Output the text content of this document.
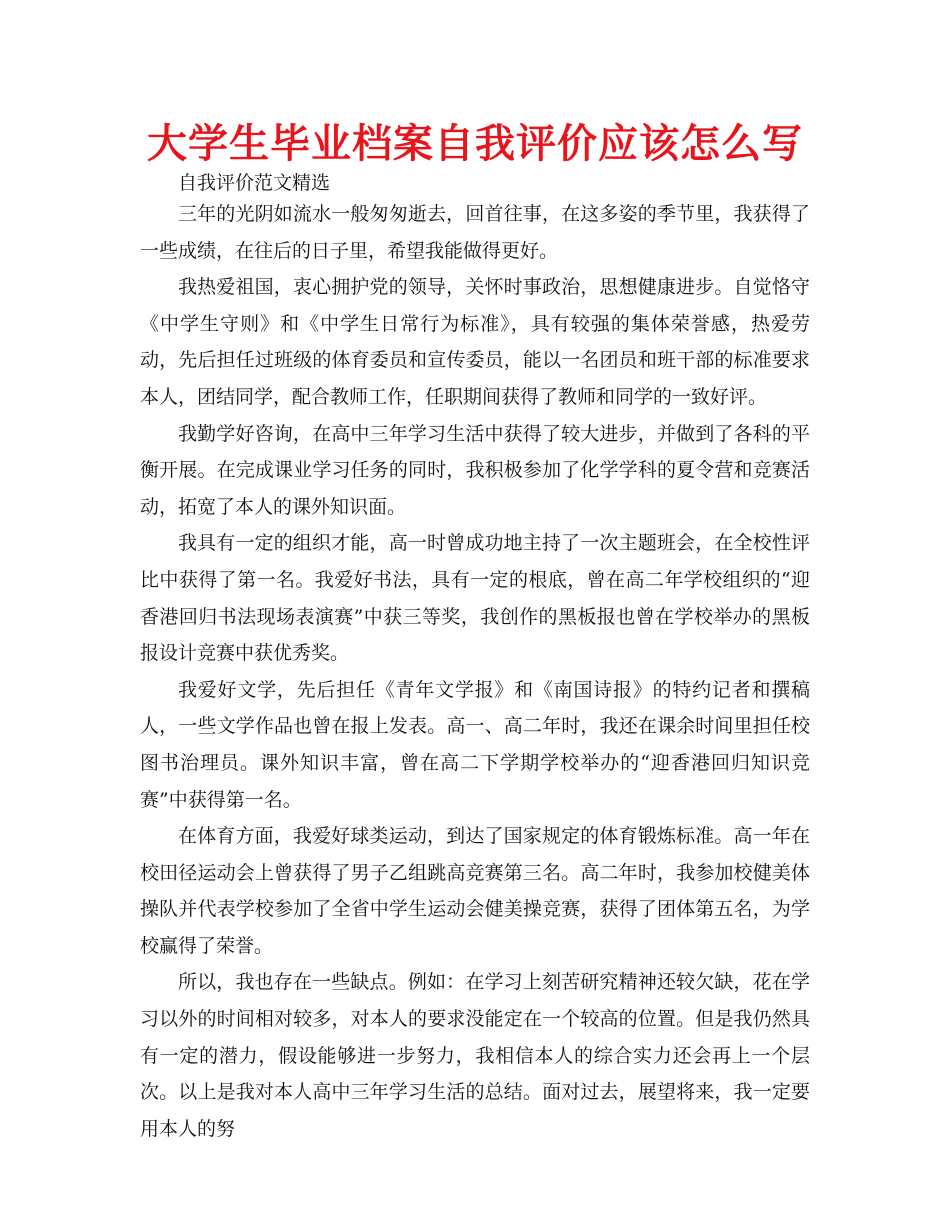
大学生毕业档案自我评价应该怎么写
自我评价范文精选

三年的光阴如流水一般匆匆逝去，回首往事，在这多姿的季节里，我获得了一些成绩，在往后的日子里，希望我能做得更好。

我热爱祖国，衷心拥护党的领导，关怀时事政治，思想健康进步。自觉恪守《中学生守则》和《中学生日常行为标准》，具有较强的集体荣誉感，热爱劳动，先后担任过班级的体育委员和宣传委员，能以一名团员和班干部的标准要求本人，团结同学，配合教师工作，任职期间获得了教师和同学的一致好评。

我勤学好咨询，在高中三年学习生活中获得了较大进步，并做到了各科的平衡开展。在完成课业学习任务的同时，我积极参加了化学学科的夏令营和竞赛活动，拓宽了本人的课外知识面。

我具有一定的组织才能，高一时曾成功地主持了一次主题班会，在全校性评比中获得了第一名。我爱好书法，具有一定的根底，曾在高二年学校组织的“迎香港回归书法现场表演赛”中获三等奖，我创作的黑板报也曾在学校举办的黑板报设计竞赛中获优秀奖。

我爱好文学，先后担任《青年文学报》和《南国诗报》的特约记者和撰稿人，一些文学作品也曾在报上发表。高一、高二年时，我还在课余时间里担任校图书治理员。课外知识丰富，曾在高二下学期学校举办的“迎香港回归知识竞赛”中获得第一名。

在体育方面，我爱好球类运动，到达了国家规定的体育锻炼标准。高一年在校田径运动会上曾获得了男子乙组跳高竞赛第三名。高二年时，我参加校健美体操队并代表学校参加了全省中学生运动会健美操竞赛，获得了团体第五名，为学校赢得了荣誉。

所以，我也存在一些缺点。例如：在学习上刻苦研究精神还较欠缺，花在学习以外的时间相对较多，对本人的要求没能定在一个较高的位置。但是我仍然具有一定的潜力，假设能够进一步努力，我相信本人的综合实力还会再上一个层次。以上是我对本人高中三年学习生活的总结。面对过去，展望将来，我一定要用本人的努
